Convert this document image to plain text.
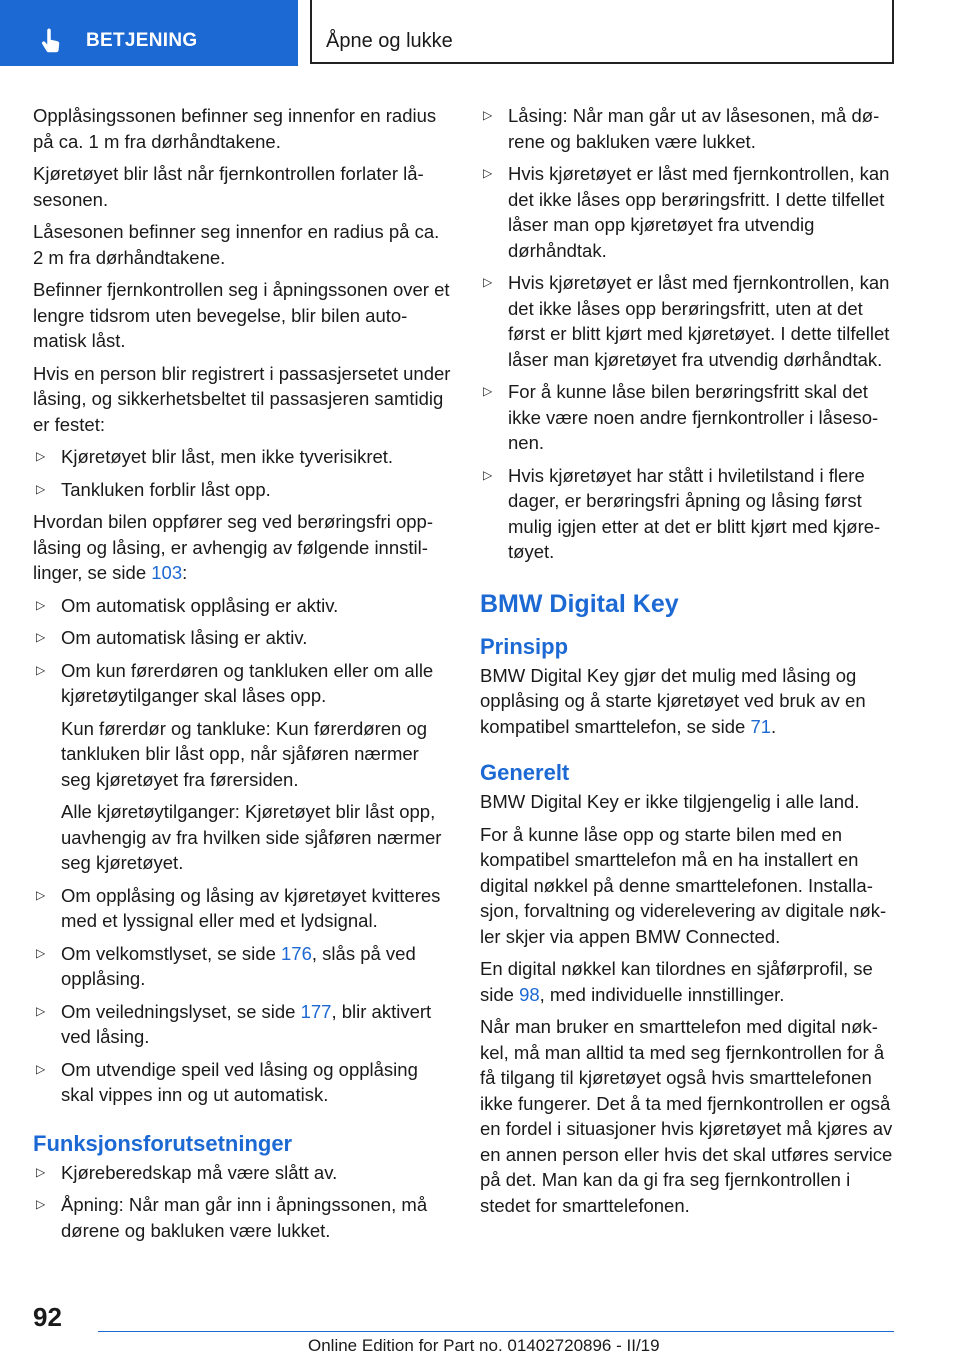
BETJENING	Åpne og lukke

Opplåsingssonen befinner seg innenfor en radius på ca. 1 m fra dørhåndtakene.

Kjøretøyet blir låst når fjernkontrollen forlater låsesonen.

Låsesonen befinner seg innenfor en radius på ca. 2 m fra dørhåndtakene.

Befinner fjernkontrollen seg i åpningssonen over et lengre tidsrom uten bevegelse, blir bilen automatisk låst.

Hvis en person blir registrert i passasjersetet under låsing, og sikkerhetsbeltet til passasjeren samtidig er festet:

▷ Kjøretøyet blir låst, men ikke tyverisikret.
▷ Tankluken forblir låst opp.

Hvordan bilen oppfører seg ved berøringsfri opplåsing og låsing, er avhengig av følgende innstillinger, se side 103:

▷ Om automatisk opplåsing er aktiv.
▷ Om automatisk låsing er aktiv.
▷ Om kun førerdøren og tankluken eller om alle kjøretøytilganger skal låses opp.
Kun førerdør og tankluke: Kun førerdøren og tankluken blir låst opp, når sjåføren nærmer seg kjøretøyet fra førersiden.
Alle kjøretøytilganger: Kjøretøyet blir låst opp, uavhengig av fra hvilken side sjåføren nærmer seg kjøretøyet.
▷ Om opplåsing og låsing av kjøretøyet kvitteres med et lyssignal eller med et lydsignal.
▷ Om velkomstlyset, se side 176, slås på ved opplåsing.
▷ Om veiledningslyset, se side 177, blir aktivert ved låsing.
▷ Om utvendige speil ved låsing og opplåsing skal vippes inn og ut automatisk.
Funksjonsforutsetninger
▷ Kjøreberedskap må være slått av.
▷ Åpning: Når man går inn i åpningssonen, må dørene og bakluken være lukket.
▷ Låsing: Når man går ut av låsesonen, må dørene og bakluken være lukket.
▷ Hvis kjøretøyet er låst med fjernkontrollen, kan det ikke låses opp berøringsfritt. I dette tilfellet låser man opp kjøretøyet fra utvendig dørhåndtak.
▷ Hvis kjøretøyet er låst med fjernkontrollen, kan det ikke låses opp berøringsfritt, uten at det først er blitt kjørt med kjøretøyet. I dette tilfellet låser man kjøretøyet fra utvendig dørhåndtak.
▷ For å kunne låse bilen berøringsfritt skal det ikke være noen andre fjernkontroller i låsesonen.
▷ Hvis kjøretøyet har stått i hviletilstand i flere dager, er berøringsfri åpning og låsing først mulig igjen etter at det er blitt kjørt med kjøretøyet.
BMW Digital Key
Prinsipp

BMW Digital Key gjør det mulig med låsing og opplåsing og å starte kjøretøyet ved bruk av en kompatibel smarttelefon, se side 71.

Generelt

BMW Digital Key er ikke tilgjengelig i alle land.

For å kunne låse opp og starte bilen med en kompatibel smarttelefon må en ha installert en digital nøkkel på denne smarttelefonen. Installasjon, forvaltning og viderelevering av digitale nøkler skjer via appen BMW Connected.

En digital nøkkel kan tilordnes en sjåførprofil, se side 98, med individuelle innstillinger.

Når man bruker en smarttelefon med digital nøkkel, må man alltid ta med seg fjernkontrollen for å få tilgang til kjøretøyet også hvis smarttelefonen ikke fungerer. Det å ta med fjernkontrollen er også en fordel i situasjoner hvis kjøretøyet må kjøres av en annen person eller hvis det skal utføres service på det. Man kan da gi fra seg fjernkontrollen i stedet for smarttelefonen.

92
Online Edition for Part no. 01402720896 - II/19
